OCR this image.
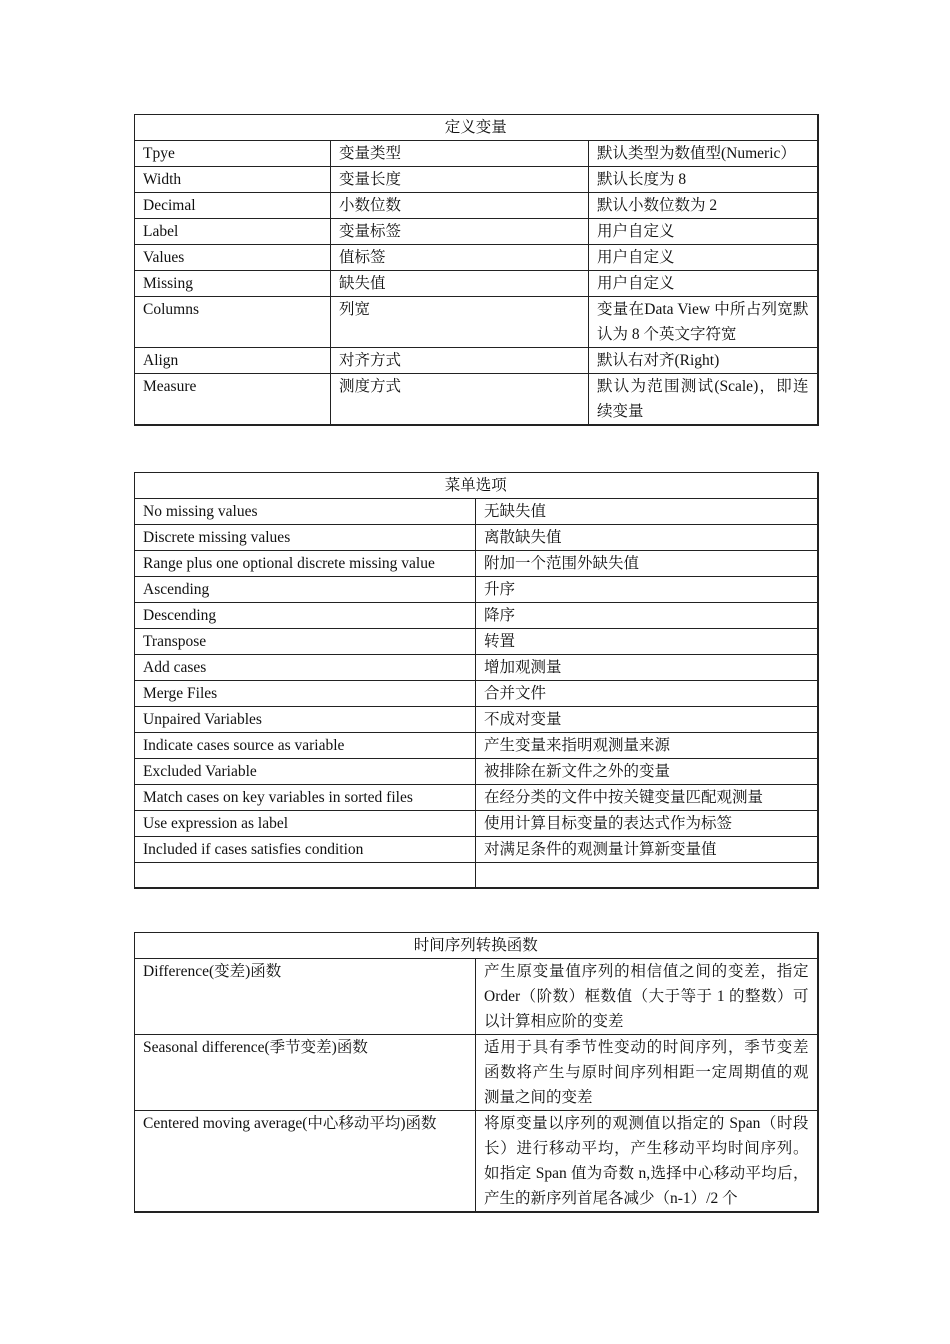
定义变量		
Tpye	变量类型	默认类型为数值型(Numeric）
Width	变量长度	默认长度为 8
Decimal	小数位数	默认小数位数为 2
Label	变量标签	用户自定义
Values	值标签	用户自定义
Missing	缺失值	用户自定义
Columns	列宽	变量在Data View 中所占列宽默认为 8 个英文字符宽
Align	对齐方式	默认右对齐(Right)
Measure	测度方式	默认为范围测试(Scale)，即连续变量
菜单选项	
No missing values	无缺失值
Discrete missing values	离散缺失值
Range plus one optional discrete missing value	附加一个范围外缺失值
Ascending	升序
Descending	降序
Transpose	转置
Add cases	增加观测量
Merge Files	合并文件
Unpaired Variables	不成对变量
Indicate cases source as variable	产生变量来指明观测量来源
Excluded Variable	被排除在新文件之外的变量
Match cases on key variables in sorted files	在经分类的文件中按关键变量匹配观测量
Use expression as label	使用计算目标变量的表达式作为标签
Included if cases satisfies condition	对满足条件的观测量计算新变量值

时间序列转换函数	
Difference(变差)函数	产生原变量值序列的相信值之间的变差，指定 Order（阶数）框数值（大于等于 1 的整数）可以计算相应阶的变差
Seasonal difference(季节变差)函数	适用于具有季节性变动的时间序列，季节变差函数将产生与原时间序列相距一定周期值的观测量之间的变差
Centered moving average(中心移动平均)函数	将原变量以序列的观测值以指定的 Span（时段长）进行移动平均，产生移动平均时间序列。如指定 Span 值为奇数 n,选择中心移动平均后，产生的新序列首尾各减少（n-1）/2 个
